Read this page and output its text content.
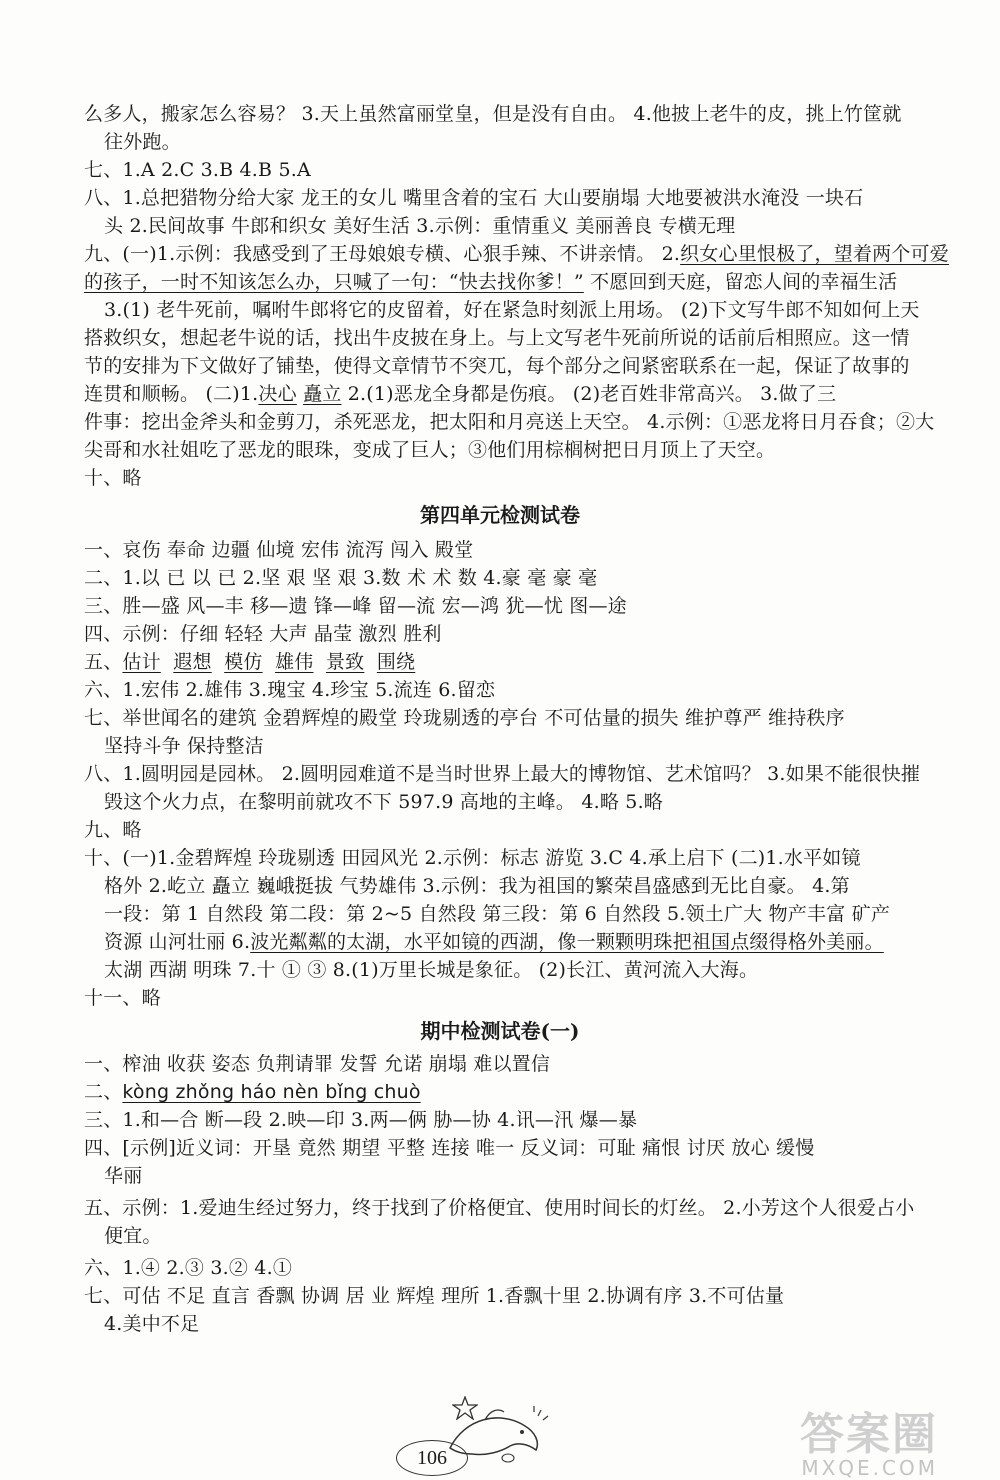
么多人，搬家怎么容易？ 3.天上虽然富丽堂皇，但是没有自由。 4.他披上老牛的皮，挑上竹筐就
往外跑。
七、1.A 2.C 3.B 4.B 5.A
八、1.总把猎物分给大家 龙王的女儿 嘴里含着的宝石 大山要崩塌 大地要被洪水淹没 一块石
头 2.民间故事 牛郎和织女 美好生活 3.示例：重情重义 美丽善良 专横无理
九、(一)1.示例：我感受到了王母娘娘专横、心狠手辣、不讲亲情。 2.织女心里恨极了，望着两个可爱
的孩子，一时不知该怎么办，只喊了一句：“快去找你爹！” 不愿回到天庭，留恋人间的幸福生活
3.(1) 老牛死前，嘱咐牛郎将它的皮留着，好在紧急时刻派上用场。 (2)下文写牛郎不知如何上天
搭救织女，想起老牛说的话，找出牛皮披在身上。与上文写老牛死前所说的话前后相照应。这一情
节的安排为下文做好了铺垫，使得文章情节不突兀，每个部分之间紧密联系在一起，保证了故事的
连贯和顺畅。 (二)1.决心 矗立 2.(1)恶龙全身都是伤痕。 (2)老百姓非常高兴。 3.做了三
件事：挖出金斧头和金剪刀，杀死恶龙，把太阳和月亮送上天空。 4.示例：①恶龙将日月吞食；②大
尖哥和水社姐吃了恶龙的眼珠，变成了巨人；③他们用棕榈树把日月顶上了天空。
十、略
第四单元检测试卷
一、哀伤 奉命 边疆 仙境 宏伟 流泻 闯入 殿堂
二、1.以 已 以 已 2.坚 艰 坚 艰 3.数 术 术 数 4.豪 毫 豪 毫
三、胜—盛 风—丰 移—遗 锋—峰 留—流 宏—鸿 犹—忧 图—途
四、示例：仔细 轻轻 大声 晶莹 激烈 胜利
五、估计 遐想 模仿 雄伟 景致 围绕
六、1.宏伟 2.雄伟 3.瑰宝 4.珍宝 5.流连 6.留恋
七、举世闻名的建筑 金碧辉煌的殿堂 玲珑剔透的亭台 不可估量的损失 维护尊严 维持秩序
坚持斗争 保持整洁
八、1.圆明园是园林。 2.圆明园难道不是当时世界上最大的博物馆、艺术馆吗？ 3.如果不能很快摧
毁这个火力点，在黎明前就攻不下 597.9 高地的主峰。 4.略 5.略
九、略
十、(一)1.金碧辉煌 玲珑剔透 田园风光 2.示例：标志 游览 3.C 4.承上启下 (二)1.水平如镜
格外 2.屹立 矗立 巍峨挺拔 气势雄伟 3.示例：我为祖国的繁荣昌盛感到无比自豪。 4.第
一段：第 1 自然段 第二段：第 2~5 自然段 第三段：第 6 自然段 5.领土广大 物产丰富 矿产
资源 山河壮丽 6.波光粼粼的太湖，水平如镜的西湖，像一颗颗明珠把祖国点缀得格外美丽。
太湖 西湖 明珠 7.十 ① ③ 8.(1)万里长城是象征。 (2)长江、黄河流入大海。
十一、略
期中检测试卷(一)
一、榨油 收获 姿态 负荆请罪 发誓 允诺 崩塌 难以置信
二、kòng zhǒng háo nèn bǐng chuò
三、1.和—合 断—段 2.映—印 3.两—俩 胁—协 4.讯—汛 爆—暴
四、[示例]近义词：开垦 竟然 期望 平整 连接 唯一 反义词：可耻 痛恨 讨厌 放心 缓慢
华丽
五、示例：1.爱迪生经过努力，终于找到了价格便宜、使用时间长的灯丝。 2.小芳这个人很爱占小
便宜。
六、1.④ 2.③ 3.② 4.①
七、可估 不足 直言 香飘 协调 居 业 辉煌 理所 1.香飘十里 2.协调有序 3.不可估量
4.美中不足
106	答案圈
MXQE.COM
